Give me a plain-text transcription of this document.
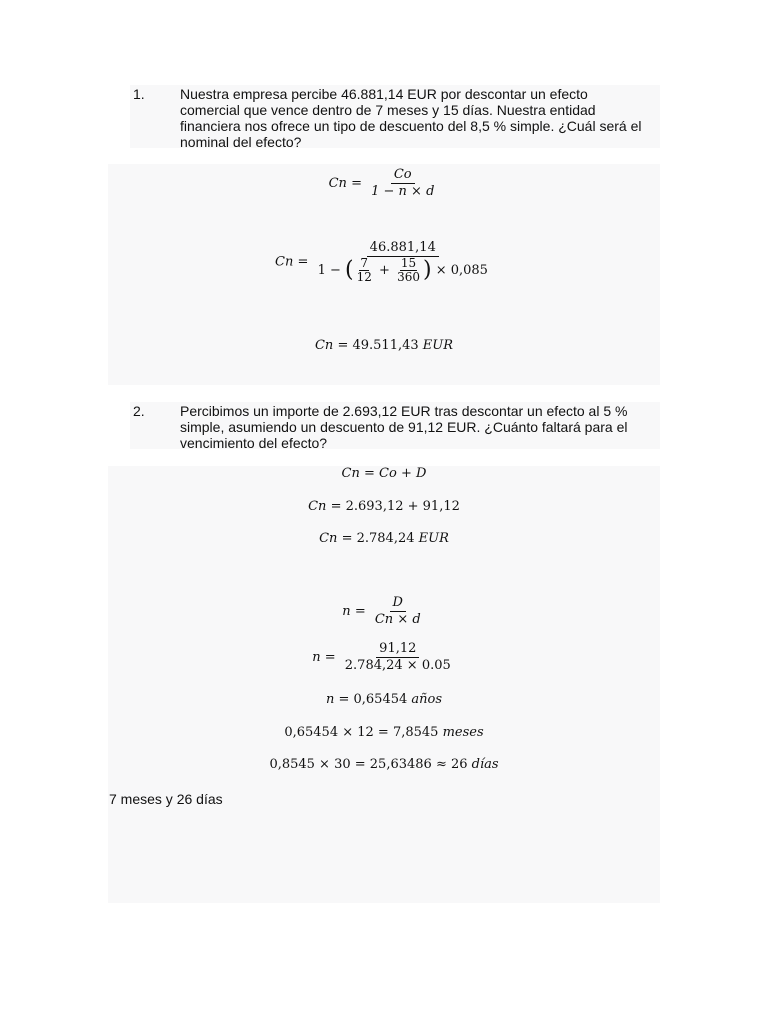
1.	Nuestra empresa percibe 46.881,14 EUR por descontar un efecto
comercial que vence dentro de 7 meses y 15 días. Nuestra entidad
financiera nos ofrece un tipo de descuento del 8,5 % simple. ¿Cuál será el
nominal del efecto?
$Cn = \frac{Co}{1 - n \times d}$
$Cn = \frac{46.881,14}{1 - ( \frac{7}{12} + \frac{15}{360} ) \times 0,085}$
Cn = 49.511,43 EUR
2.	Percibimos un importe de 2.693,12 EUR tras descontar un efecto al 5 %
simple, asumiendo un descuento de 91,12 EUR. ¿Cuánto faltará para el
vencimiento del efecto?
Cn = Co + D
Cn = 2.693,12 + 91,12
Cn = 2.784,24 EUR
$n = \frac{D}{Cn \times d}$
$n = \frac{91,12}{2.784,24 \times 0.05}$
n = 0,65454 años
0,65454 × 12 = 7,8545 meses
0,8545 × 30 = 25,63486 ≈ 26 días
7 meses y 26 días
